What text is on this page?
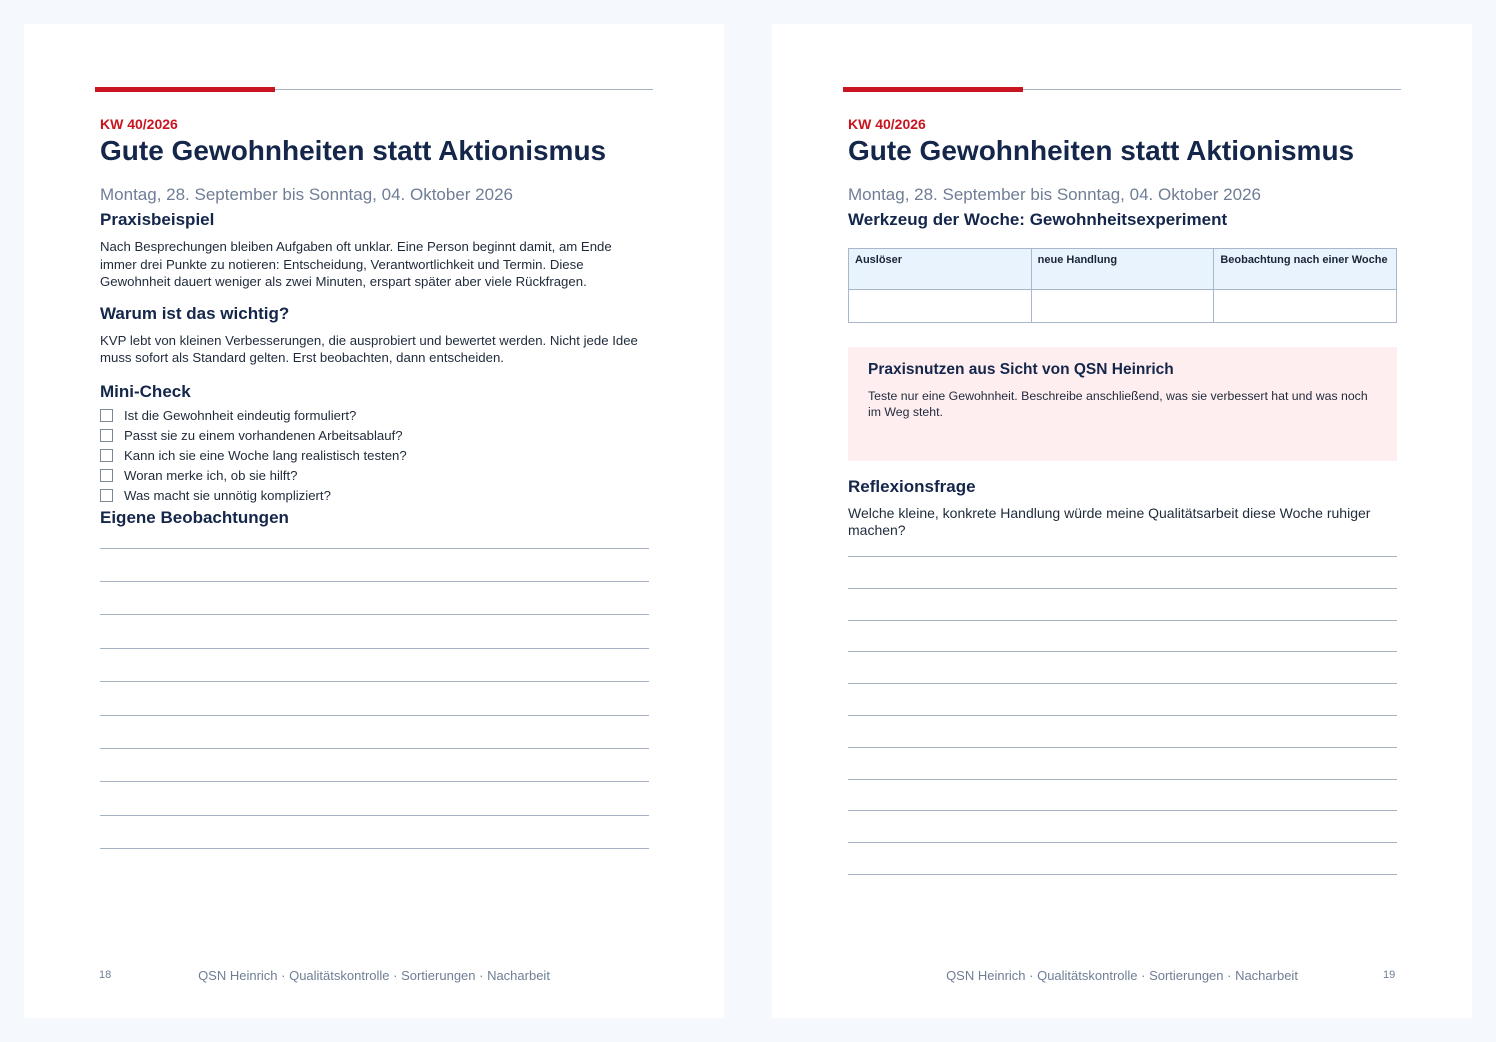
KW 40/2026
Gute Gewohnheiten statt Aktionismus
Montag, 28. September bis Sonntag, 04. Oktober 2026
Praxisbeispiel
Nach Besprechungen bleiben Aufgaben oft unklar. Eine Person beginnt damit, am Ende immer drei Punkte zu notieren: Entscheidung, Verantwortlichkeit und Termin. Diese Gewohnheit dauert weniger als zwei Minuten, erspart später aber viele Rückfragen.
Warum ist das wichtig?
KVP lebt von kleinen Verbesserungen, die ausprobiert und bewertet werden. Nicht jede Idee muss sofort als Standard gelten. Erst beobachten, dann entscheiden.
Mini-Check
Ist die Gewohnheit eindeutig formuliert?
Passt sie zu einem vorhandenen Arbeitsablauf?
Kann ich sie eine Woche lang realistisch testen?
Woran merke ich, ob sie hilft?
Was macht sie unnötig kompliziert?
Eigene Beobachtungen
18	QSN Heinrich · Qualitätskontrolle · Sortierungen · Nacharbeit
KW 40/2026
Gute Gewohnheiten statt Aktionismus
Montag, 28. September bis Sonntag, 04. Oktober 2026
Werkzeug der Woche: Gewohnheitsexperiment
Auslöser	neue Handlung	Beobachtung nach einer Woche

Praxisnutzen aus Sicht von QSN Heinrich
Teste nur eine Gewohnheit. Beschreibe anschließend, was sie verbessert hat und was noch im Weg steht.
Reflexionsfrage
Welche kleine, konkrete Handlung würde meine Qualitätsarbeit diese Woche ruhiger machen?
QSN Heinrich · Qualitätskontrolle · Sortierungen · Nacharbeit	19
